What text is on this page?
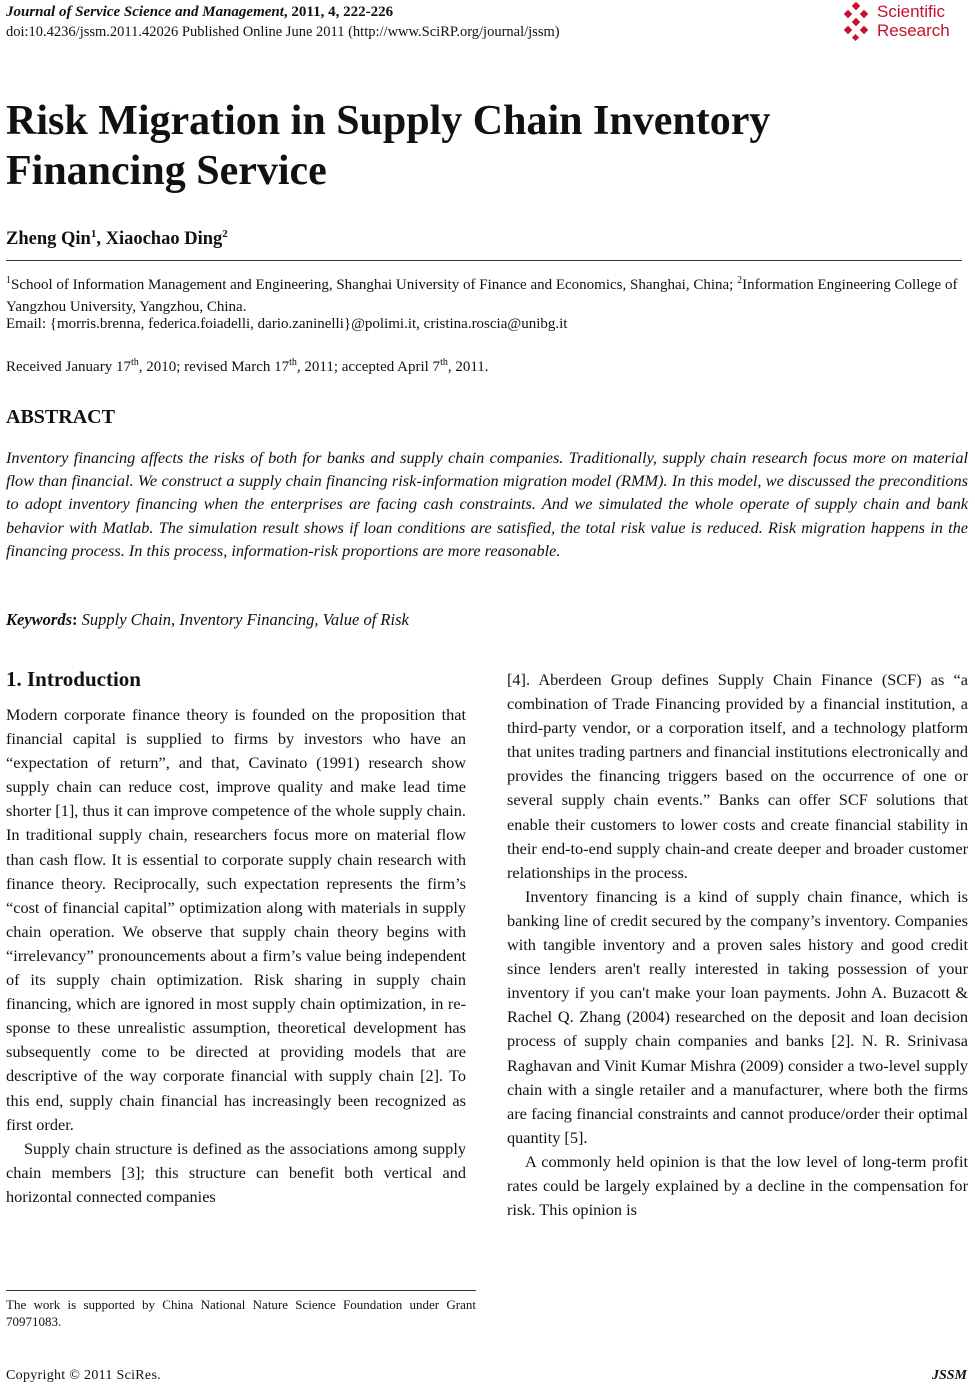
Journal of Service Science and Management, 2011, 4, 222-226
doi:10.4236/jssm.2011.42026 Published Online June 2011 (http://www.SciRP.org/journal/jssm)
Scientific
Research
Risk Migration in Supply Chain Inventory Financing Service
Zheng Qin$^1$, Xiaochao Ding$^2$
$^1$School of Information Management and Engineering, Shanghai University of Finance and Economics, Shanghai, China; $^2$Information Engineering College of Yangzhou University, Yangzhou, China.
Email: {morris.brenna, federica.foiadelli, dario.zaninelli}@polimi.it, cristina.roscia@unibg.it
Received January 17th, 2010; revised March 17th, 2011; accepted April 7th, 2011.
ABSTRACT
Inventory financing affects the risks of both for banks and supply chain companies. Traditionally, supply chain research focus more on material flow than financial. We construct a supply chain financing risk-information migration model (RMM). In this model, we discussed the preconditions to adopt inventory financing when the enterprises are facing cash constraints. And we simulated the whole operate of supply chain and bank behavior with Matlab. The simulation result shows if loan conditions are satisfied, the total risk value is reduced. Risk migration happens in the financing process. In this process, information-risk proportions are more reasonable.
Keywords: Supply Chain, Inventory Financing, Value of Risk
1. Introduction

Modern corporate finance theory is founded on the proposition that financial capital is supplied to firms by investors who have an “expectation of return”, and that, Cavinato (1991) research show supply chain can reduce cost, improve quality and make lead time shorter [1], thus it can improve competence of the whole supply chain. In traditional supply chain, researchers focus more on material flow than cash flow. It is essential to corporate supply chain research with finance theory. Reciprocally, such expectation represents the firm’s “cost of financial capital” optimization along with materials in supply chain operation. We observe that supply chain theory begins with “irrelevancy” pronouncements about a firm’s value being independent of its supply chain optimization. Risk sharing in supply chain financing, which are ignored in most supply chain optimization, in response to these unrealistic assumption, theoretical development has subsequently come to be directed at providing models that are descriptive of the way corporate financial with supply chain [2]. To this end, supply chain financial has increasingly been recognized as first order.

Supply chain structure is defined as the associations among supply chain members [3]; this structure can benefit both vertical and horizontal connected companies

[4]. Aberdeen Group defines Supply Chain Finance (SCF) as “a combination of Trade Financing provided by a financial institution, a third-party vendor, or a corporation itself, and a technology platform that unites trading partners and financial institutions electronically and provides the financing triggers based on the occurrence of one or several supply chain events.” Banks can offer SCF solutions that enable their customers to lower costs and create financial stability in their end-to-end supply chain-and create deeper and broader customer relationships in the process.

Inventory financing is a kind of supply chain finance, which is banking line of credit secured by the company’s inventory. Companies with tangible inventory and a proven sales history and good credit since lenders aren't really interested in taking possession of your inventory if you can't make your loan payments. John A. Buzacott & Rachel Q. Zhang (2004) researched on the deposit and loan decision process of supply chain companies and banks [2]. N. R. Srinivasa Raghavan and Vinit Kumar Mishra (2009) consider a two-level supply chain with a single retailer and a manufacturer, where both the firms are facing financial constraints and cannot produce/order their optimal quantity [5].

A commonly held opinion is that the low level of long-term profit rates could be largely explained by a decline in the compensation for risk. This opinion is

The work is supported by China National Nature Science Foundation under Grant 70971083.
Copyright © 2011 SciRes.	JSSM
